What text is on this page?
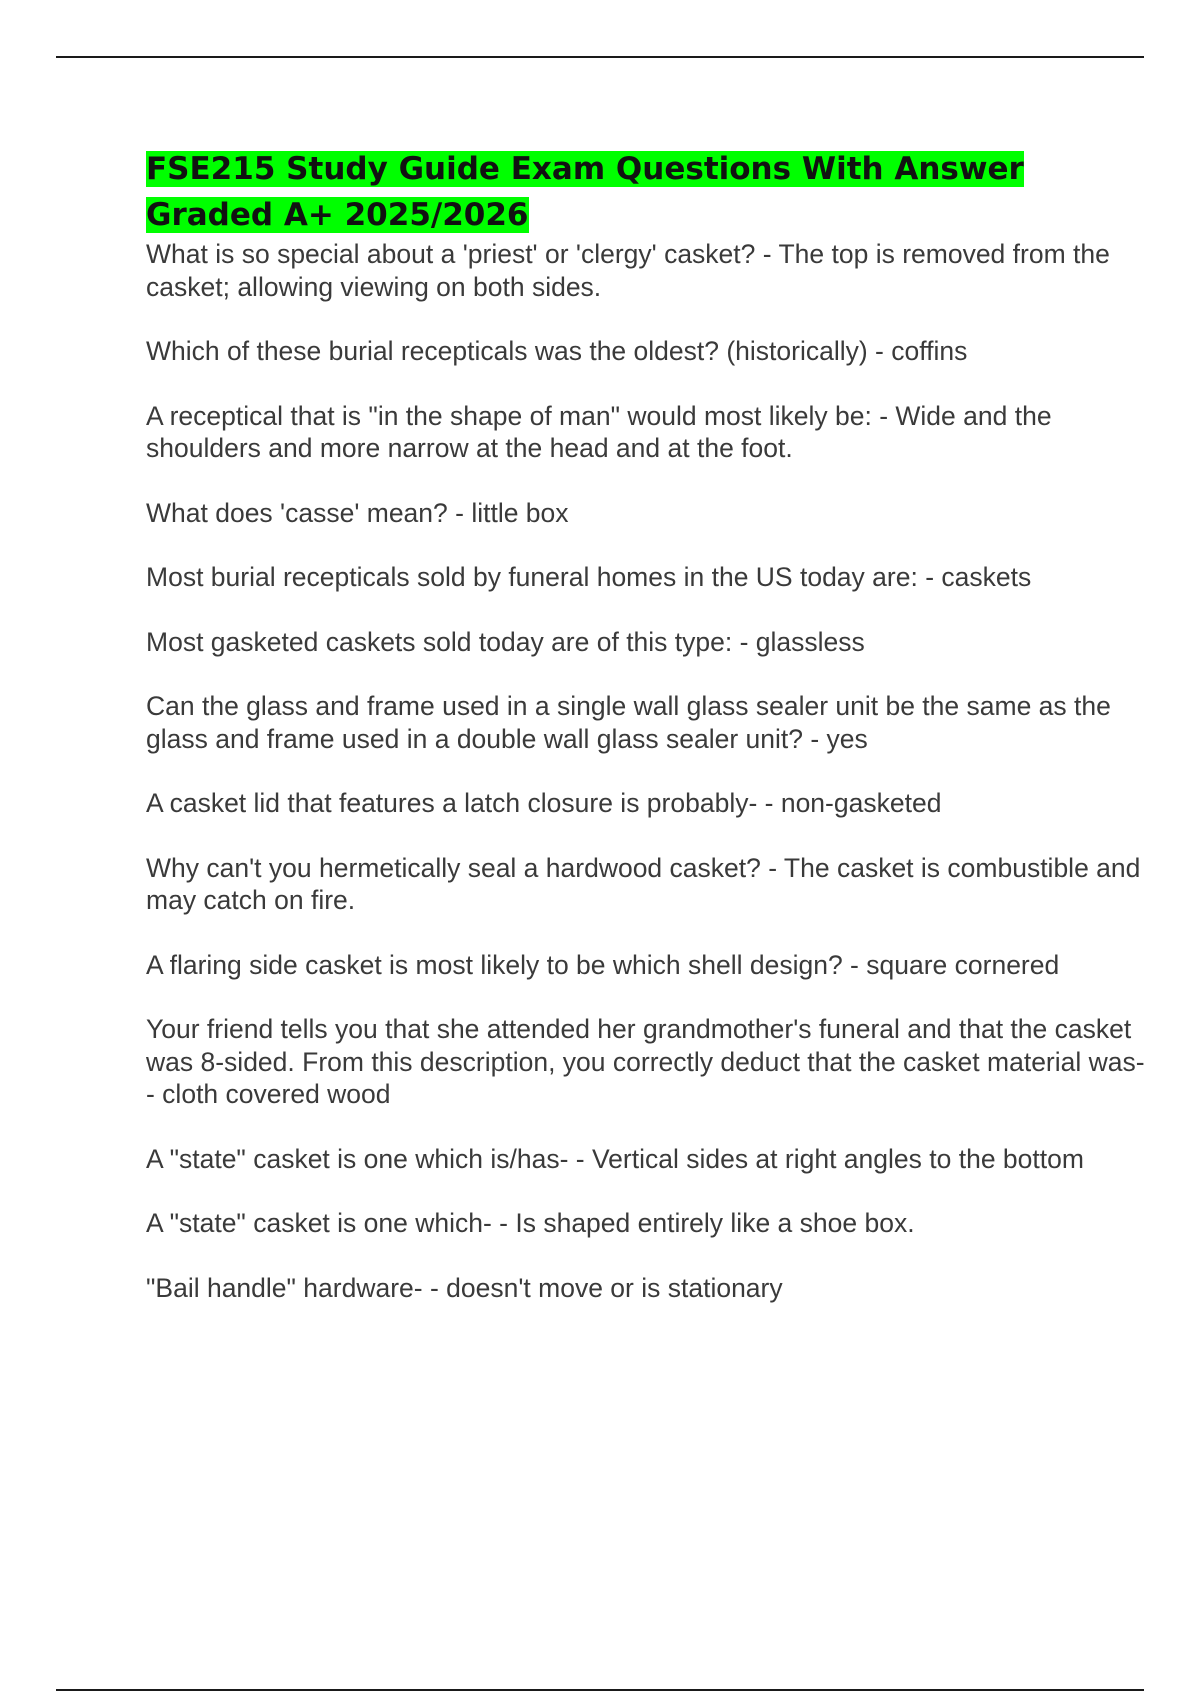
FSE215 Study Guide Exam Questions With Answer Graded A+ 2025/2026

What is so special about a 'priest' or 'clergy' casket? - The top is removed from the casket; allowing viewing on both sides.

Which of these burial recepticals was the oldest? (historically) - coffins

A receptical that is "in the shape of man" would most likely be: - Wide and the shoulders and more narrow at the head and at the foot.

What does 'casse' mean? - little box

Most burial recepticals sold by funeral homes in the US today are: - caskets

Most gasketed caskets sold today are of this type: - glassless

Can the glass and frame used in a single wall glass sealer unit be the same as the glass and frame used in a double wall glass sealer unit? - yes

A casket lid that features a latch closure is probably- - non-gasketed

Why can't you hermetically seal a hardwood casket? - The casket is combustible and may catch on fire.

A flaring side casket is most likely to be which shell design? - square cornered

Your friend tells you that she attended her grandmother's funeral and that the casket was 8-sided. From this description, you correctly deduct that the casket material was- - cloth covered wood

A "state" casket is one which is/has- - Vertical sides at right angles to the bottom

A "state" casket is one which- - Is shaped entirely like a shoe box.

"Bail handle" hardware- - doesn't move or is stationary
